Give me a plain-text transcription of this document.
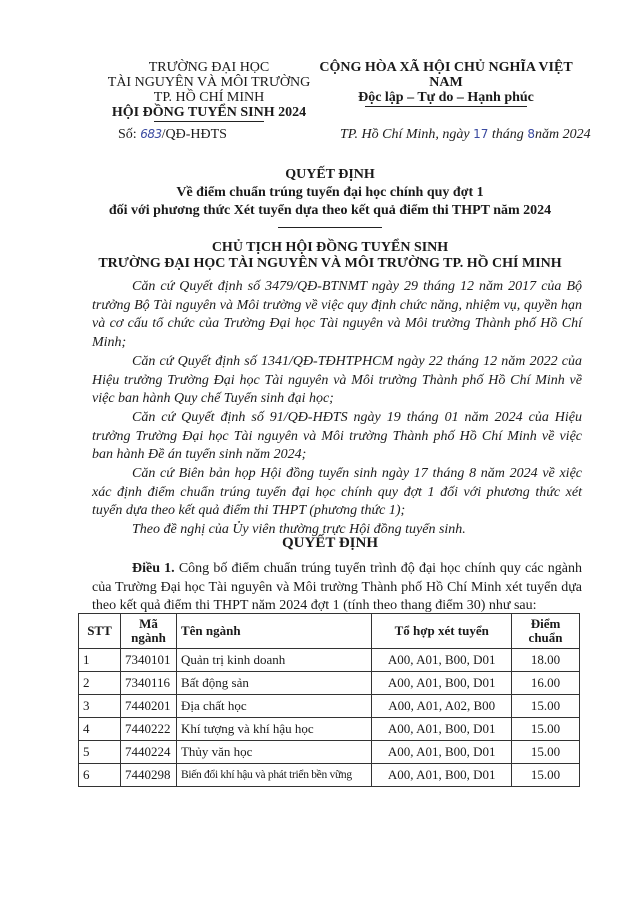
TRƯỜNG ĐẠI HỌC
TÀI NGUYÊN VÀ MÔI TRƯỜNG
TP. HỒ CHÍ MINH
HỘI ĐỒNG TUYỂN SINH 2024
CỘNG HÒA XÃ HỘI CHỦ NGHĨA VIỆT NAM
Độc lập – Tự do – Hạnh phúc
Số: 683/QĐ-HĐTS	TP. Hồ Chí Minh, ngày 17 tháng 8năm 2024
QUYẾT ĐỊNH
Về điểm chuẩn trúng tuyển đại học chính quy đợt 1
đối với phương thức Xét tuyển dựa theo kết quả điểm thi THPT năm 2024
CHỦ TỊCH HỘI ĐỒNG TUYỂN SINH
TRƯỜNG ĐẠI HỌC TÀI NGUYÊN VÀ MÔI TRƯỜNG TP. HỒ CHÍ MINH

Căn cứ Quyết định số 3479/QĐ-BTNMT ngày 29 tháng 12 năm 2017 của Bộ trưởng Bộ Tài nguyên và Môi trường về việc quy định chức năng, nhiệm vụ, quyền hạn và cơ cấu tổ chức của Trường Đại học Tài nguyên và Môi trường Thành phố Hồ Chí Minh;

Căn cứ Quyết định số 1341/QĐ-TĐHTPHCM ngày 22 tháng 12 năm 2022 của Hiệu trưởng Trường Đại học Tài nguyên và Môi trường Thành phố Hồ Chí Minh về việc ban hành Quy chế Tuyển sinh đại học;

Căn cứ Quyết định số 91/QĐ-HĐTS ngày 19 tháng 01 năm 2024 của Hiệu trưởng Trường Đại học Tài nguyên và Môi trường Thành phố Hồ Chí Minh về việc ban hành Đề án tuyển sinh năm 2024;

Căn cứ Biên bản họp Hội đồng tuyển sinh ngày 17 tháng 8 năm 2024 về xiệc xác định điểm chuẩn trúng tuyển đại học chính quy đợt 1 đối với phương thức xét tuyển dựa theo kết quả điểm thi THPT (phương thức 1);

Theo đề nghị của Ủy viên thường trực Hội đồng tuyển sinh.

QUYẾT ĐỊNH

Điều 1. Công bố điểm chuẩn trúng tuyển trình độ đại học chính quy các ngành của Trường Đại học Tài nguyên và Môi trường Thành phố Hồ Chí Minh xét tuyển dựa theo kết quả điểm thi THPT năm 2024 đợt 1 (tính theo thang điểm 30) như sau:

STT	Mã ngành	Tên ngành	Tổ hợp xét tuyển	Điểm chuẩn
1	7340101	Quản trị kinh doanh	A00, A01, B00, D01	18.00
2	7340116	Bất động sản	A00, A01, B00, D01	16.00
3	7440201	Địa chất học	A00, A01, A02, B00	15.00
4	7440222	Khí tượng và khí hậu học	A00, A01, B00, D01	15.00
5	7440224	Thủy văn học	A00, A01, B00, D01	15.00
6	7440298	Biến đổi khí hậu và phát triển bền vững	A00, A01, B00, D01	15.00
